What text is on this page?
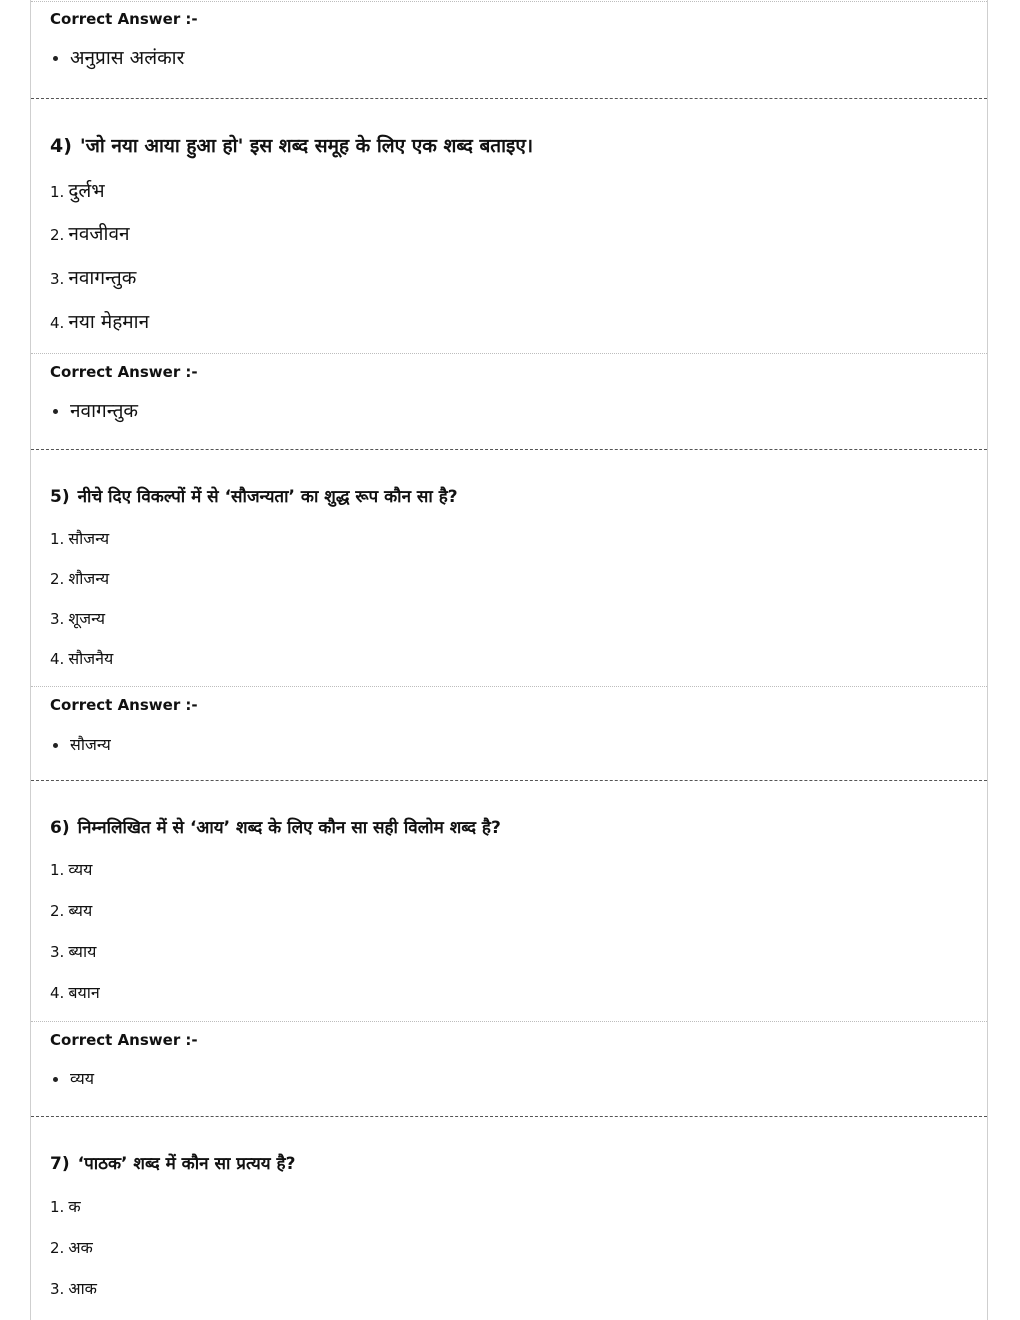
Correct Answer :-
अनुप्रास अलंकार
4) 'जो नया आया हुआ हो' इस शब्द समूह के लिए एक शब्द बताइए।
1. दुर्लभ
2. नवजीवन
3. नवागन्तुक
4. नया मेहमान
Correct Answer :-
नवागन्तुक
5) नीचे दिए विकल्पों में से ‘सौजन्यता’ का शुद्ध रूप कौन सा है?
1. सौजन्य
2. शौजन्य
3. शूजन्य
4. सौजनैय
Correct Answer :-
सौजन्य
6) निम्नलिखित में से ‘आय’ शब्द के लिए कौन सा सही विलोम शब्द है?
1. व्यय
2. ब्यय
3. ब्याय
4. बयान
Correct Answer :-
व्यय
7) ‘पाठक’ शब्द में कौन सा प्रत्यय है?
1. क
2. अक
3. आक
